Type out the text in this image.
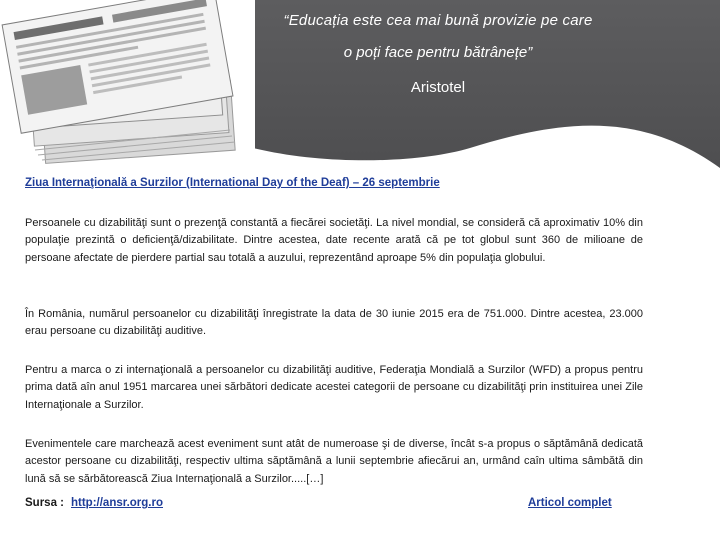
“Educația este cea mai bună provizie pe care
o poți face pentru bătrânețe”
Aristotel
Ziua Internaţională a Surzilor (International Day of the Deaf) – 26 septembrie
Persoanele cu dizabilităţi sunt o prezenţă constantă a fiecărei societăţi. La nivel mondial, se consideră că aproximativ 10% din populaţie prezintă o deficienţă/dizabilitate. Dintre acestea, date recente arată că pe tot globul sunt 360 de milioane de persoane afectate de pierdere partial sau totală a auzului, reprezentând aproape 5% din populaţia globului.
În România, numărul persoanelor cu dizabilităţi înregistrate la data de 30 iunie 2015 era de 751.000. Dintre acestea, 23.000 erau persoane cu dizabilităţi auditive.
Pentru a marca o zi internaţională a persoanelor cu dizabilităţi auditive, Federaţia Mondială a Surzilor (WFD) a propus pentru prima dată aîn anul 1951 marcarea unei sărbători dedicate acestei categorii de persoane cu dizabilităţi prin instituirea unei Zile Internaţionale a Surzilor.
Evenimentele care marchează acest eveniment sunt atât de numeroase şi de diverse, încât s-a propus o săptămână dedicată acestor persoane cu dizabilităţi, respectiv ultima săptămână a lunii septembrie afiecărui an, urmând caîn ultima sâmbătă din lună să se sărbătorească Ziua Internaţională a Surzilor.....[…]
Sursa : http://ansr.org.ro	Articol complet
